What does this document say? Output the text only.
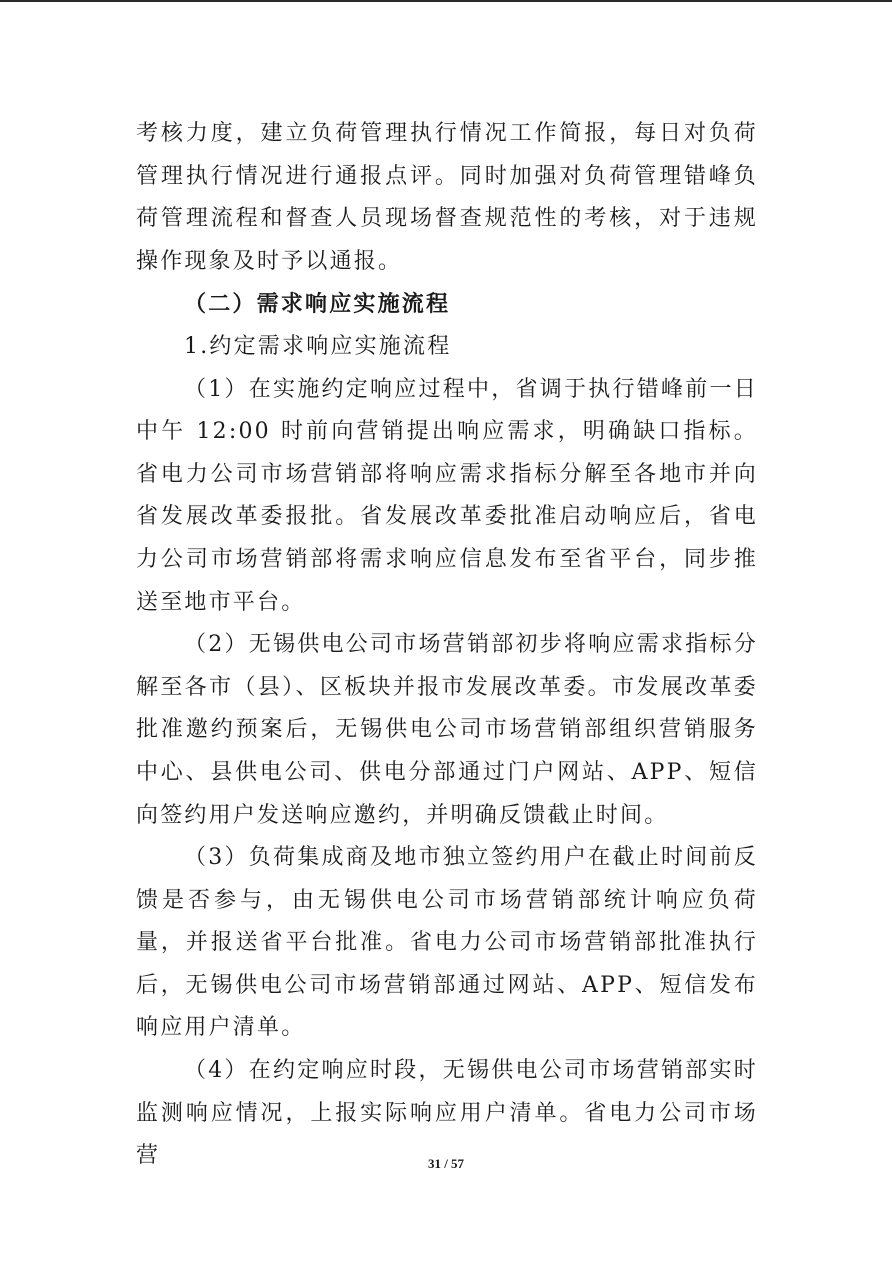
考核力度，建立负荷管理执行情况工作简报，每日对负荷管理执行情况进行通报点评。同时加强对负荷管理错峰负荷管理流程和督查人员现场督查规范性的考核，对于违规操作现象及时予以通报。

（二）需求响应实施流程

1.约定需求响应实施流程

（1）在实施约定响应过程中，省调于执行错峰前一日中午 12:00 时前向营销提出响应需求，明确缺口指标。省电力公司市场营销部将响应需求指标分解至各地市并向省发展改革委报批。省发展改革委批准启动响应后，省电力公司市场营销部将需求响应信息发布至省平台，同步推送至地市平台。

（2）无锡供电公司市场营销部初步将响应需求指标分解至各市（县）、区板块并报市发展改革委。市发展改革委批准邀约预案后，无锡供电公司市场营销部组织营销服务中心、县供电公司、供电分部通过门户网站、APP、短信向签约用户发送响应邀约，并明确反馈截止时间。

（3）负荷集成商及地市独立签约用户在截止时间前反馈是否参与，由无锡供电公司市场营销部统计响应负荷量，并报送省平台批准。省电力公司市场营销部批准执行后，无锡供电公司市场营销部通过网站、APP、短信发布响应用户清单。

（4）在约定响应时段，无锡供电公司市场营销部实时监测响应情况，上报实际响应用户清单。省电力公司市场营	31 / 57
